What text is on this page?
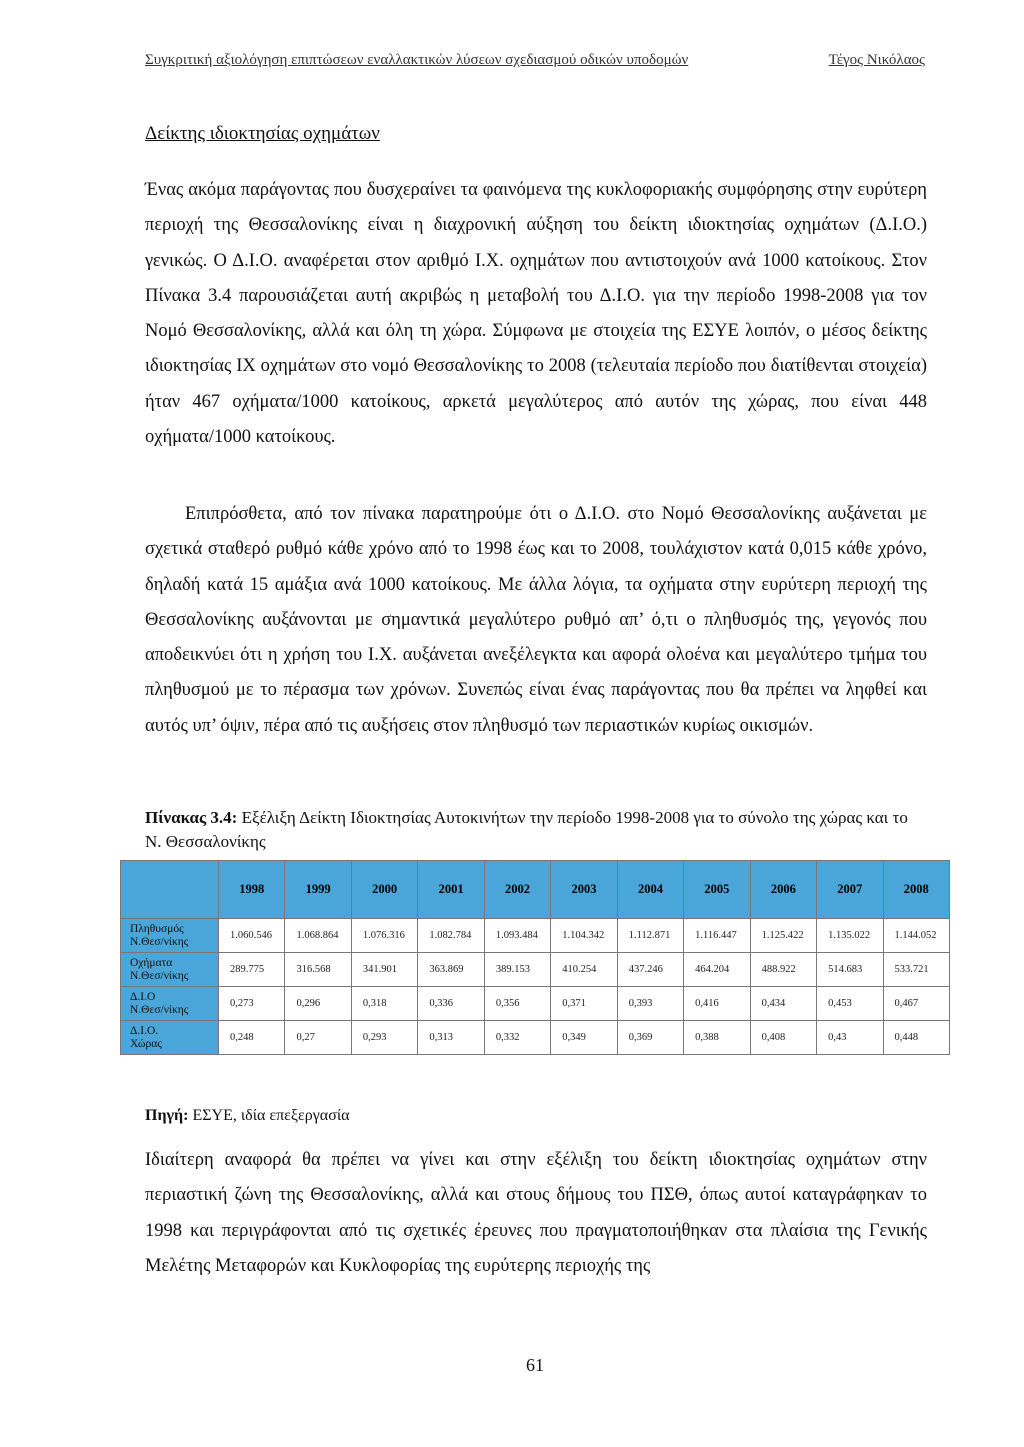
Συγκριτική αξιολόγηση επιπτώσεων εναλλακτικών λύσεων σχεδιασμού οδικών υποδομών	Τέγος Νικόλαος
Δείκτης ιδιοκτησίας οχημάτων

Ένας ακόμα παράγοντας που δυσχεραίνει τα φαινόμενα της κυκλοφοριακής συμφόρησης στην ευρύτερη περιοχή της Θεσσαλονίκης είναι η διαχρονική αύξηση του δείκτη ιδιοκτησίας οχημάτων (Δ.Ι.Ο.) γενικώς. Ο Δ.Ι.Ο. αναφέρεται στον αριθμό Ι.Χ. οχημάτων που αντιστοιχούν ανά 1000 κατοίκους. Στον Πίνακα 3.4 παρουσιάζεται αυτή ακριβώς η μεταβολή του Δ.Ι.Ο. για την περίοδο 1998-2008 για τον Νομό Θεσσαλονίκης, αλλά και όλη τη χώρα. Σύμφωνα με στοιχεία της ΕΣΥΕ λοιπόν, ο μέσος δείκτης ιδιοκτησίας ΙΧ οχημάτων στο νομό Θεσσαλονίκης το 2008 (τελευταία περίοδο που διατίθενται στοιχεία) ήταν 467 οχήματα/1000 κατοίκους, αρκετά μεγαλύτερος από αυτόν της χώρας, που είναι 448 οχήματα/1000 κατοίκους.

Επιπρόσθετα, από τον πίνακα παρατηρούμε ότι ο Δ.Ι.Ο. στο Νομό Θεσσαλονίκης αυξάνεται με σχετικά σταθερό ρυθμό κάθε χρόνο από το 1998 έως και το 2008, τουλάχιστον κατά 0,015 κάθε χρόνο, δηλαδή κατά 15 αμάξια ανά 1000 κατοίκους. Με άλλα λόγια, τα οχήματα στην ευρύτερη περιοχή της Θεσσαλονίκης αυξάνονται με σημαντικά μεγαλύτερο ρυθμό απ’ ό,τι ο πληθυσμός της, γεγονός που αποδεικνύει ότι η χρήση του Ι.Χ. αυξάνεται ανεξέλεγκτα και αφορά ολοένα και μεγαλύτερο τμήμα του πληθυσμού με το πέρασμα των χρόνων. Συνεπώς είναι ένας παράγοντας που θα πρέπει να ληφθεί και αυτός υπ’ όψιν, πέρα από τις αυξήσεις στον πληθυσμό των περιαστικών κυρίως οικισμών.

Πίνακας 3.4: Εξέλιξη Δείκτη Ιδιοκτησίας Αυτοκινήτων την περίοδο 1998-2008 για το σύνολο της χώρας και το Ν. Θεσσαλονίκης

	1998	1999	2000	2001	2002	2003	2004	2005	2006	2007	2008
Πληθυσμός
Ν.Θεσ/νίκης	1.060.546	1.068.864	1.076.316	1.082.784	1.093.484	1.104.342	1.112.871	1.116.447	1.125.422	1.135.022	1.144.052
Οχήματα
Ν.Θεσ/νίκης	289.775	316.568	341.901	363.869	389.153	410.254	437.246	464.204	488.922	514.683	533.721
Δ.Ι.Ο
Ν.Θεσ/νίκης	0,273	0,296	0,318	0,336	0,356	0,371	0,393	0,416	0,434	0,453	0,467
Δ.Ι.Ο.
Χώρας	0,248	0,27	0,293	0,313	0,332	0,349	0,369	0,388	0,408	0,43	0,448

Πηγή: ΕΣΥΕ, ιδία επεξεργασία

Ιδιαίτερη αναφορά θα πρέπει να γίνει και στην εξέλιξη του δείκτη ιδιοκτησίας οχημάτων στην περιαστική ζώνη της Θεσσαλονίκης, αλλά και στους δήμους του ΠΣΘ, όπως αυτοί καταγράφηκαν το 1998 και περιγράφονται από τις σχετικές έρευνες που πραγματοποιήθηκαν στα πλαίσια της Γενικής Μελέτης Μεταφορών και Κυκλοφορίας της ευρύτερης περιοχής της

61
